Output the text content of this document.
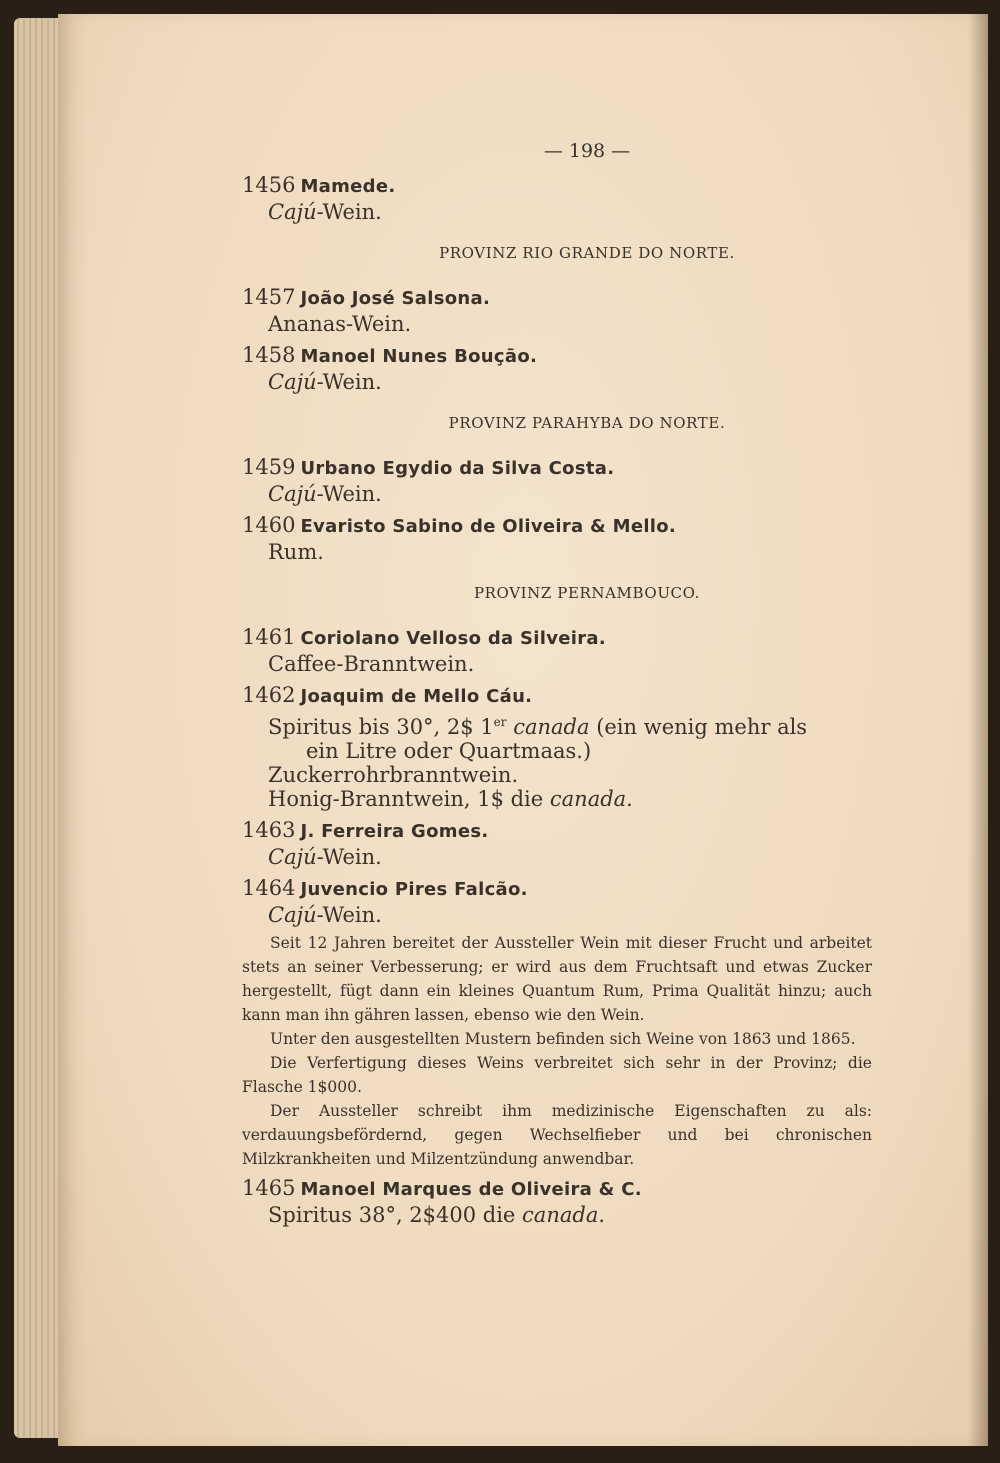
— 198 —
1456 Mamede.
Cajú-Wein.
PROVINZ RIO GRANDE DO NORTE.
1457 João José Salsona.
Ananas-Wein.
1458 Manoel Nunes Bouçāo.
Cajú-Wein.
PROVINZ PARAHYBA DO NORTE.
1459 Urbano Egydio da Silva Costa.
Cajú-Wein.
1460 Evaristo Sabino de Oliveira & Mello.
Rum.
PROVINZ PERNAMBOUCO.
1461 Coriolano Velloso da Silveira.
Caffee-Branntwein.
1462 Joaquim de Mello Cáu.
Spiritus bis 30°, 2$ 1er canada (ein wenig mehr als
ein Litre oder Quartmaas.)
Zuckerrohrbranntwein.
Honig-Branntwein, 1$ die canada.
1463 J. Ferreira Gomes.
Cajú-Wein.
1464 Juvencio Pires Falcão.
Cajú-Wein.

Seit 12 Jahren bereitet der Aussteller Wein mit dieser Frucht und arbeitet stets an seiner Verbesserung; er wird aus dem Fruchtsaft und etwas Zucker hergestellt, fügt dann ein kleines Quantum Rum, Prima Qualität hinzu; auch kann man ihn gähren lassen, ebenso wie den Wein.

Unter den ausgestellten Mustern befinden sich Weine von 1863 und 1865.

Die Verfertigung dieses Weins verbreitet sich sehr in der Provinz; die Flasche 1$000.

Der Aussteller schreibt ihm medizinische Eigenschaften zu als: verdauungsbefördernd, gegen Wechselfieber und bei chronischen Milzkrankheiten und Milzentzündung anwendbar.

1465 Manoel Marques de Oliveira & C.
Spiritus 38°, 2$400 die canada.
